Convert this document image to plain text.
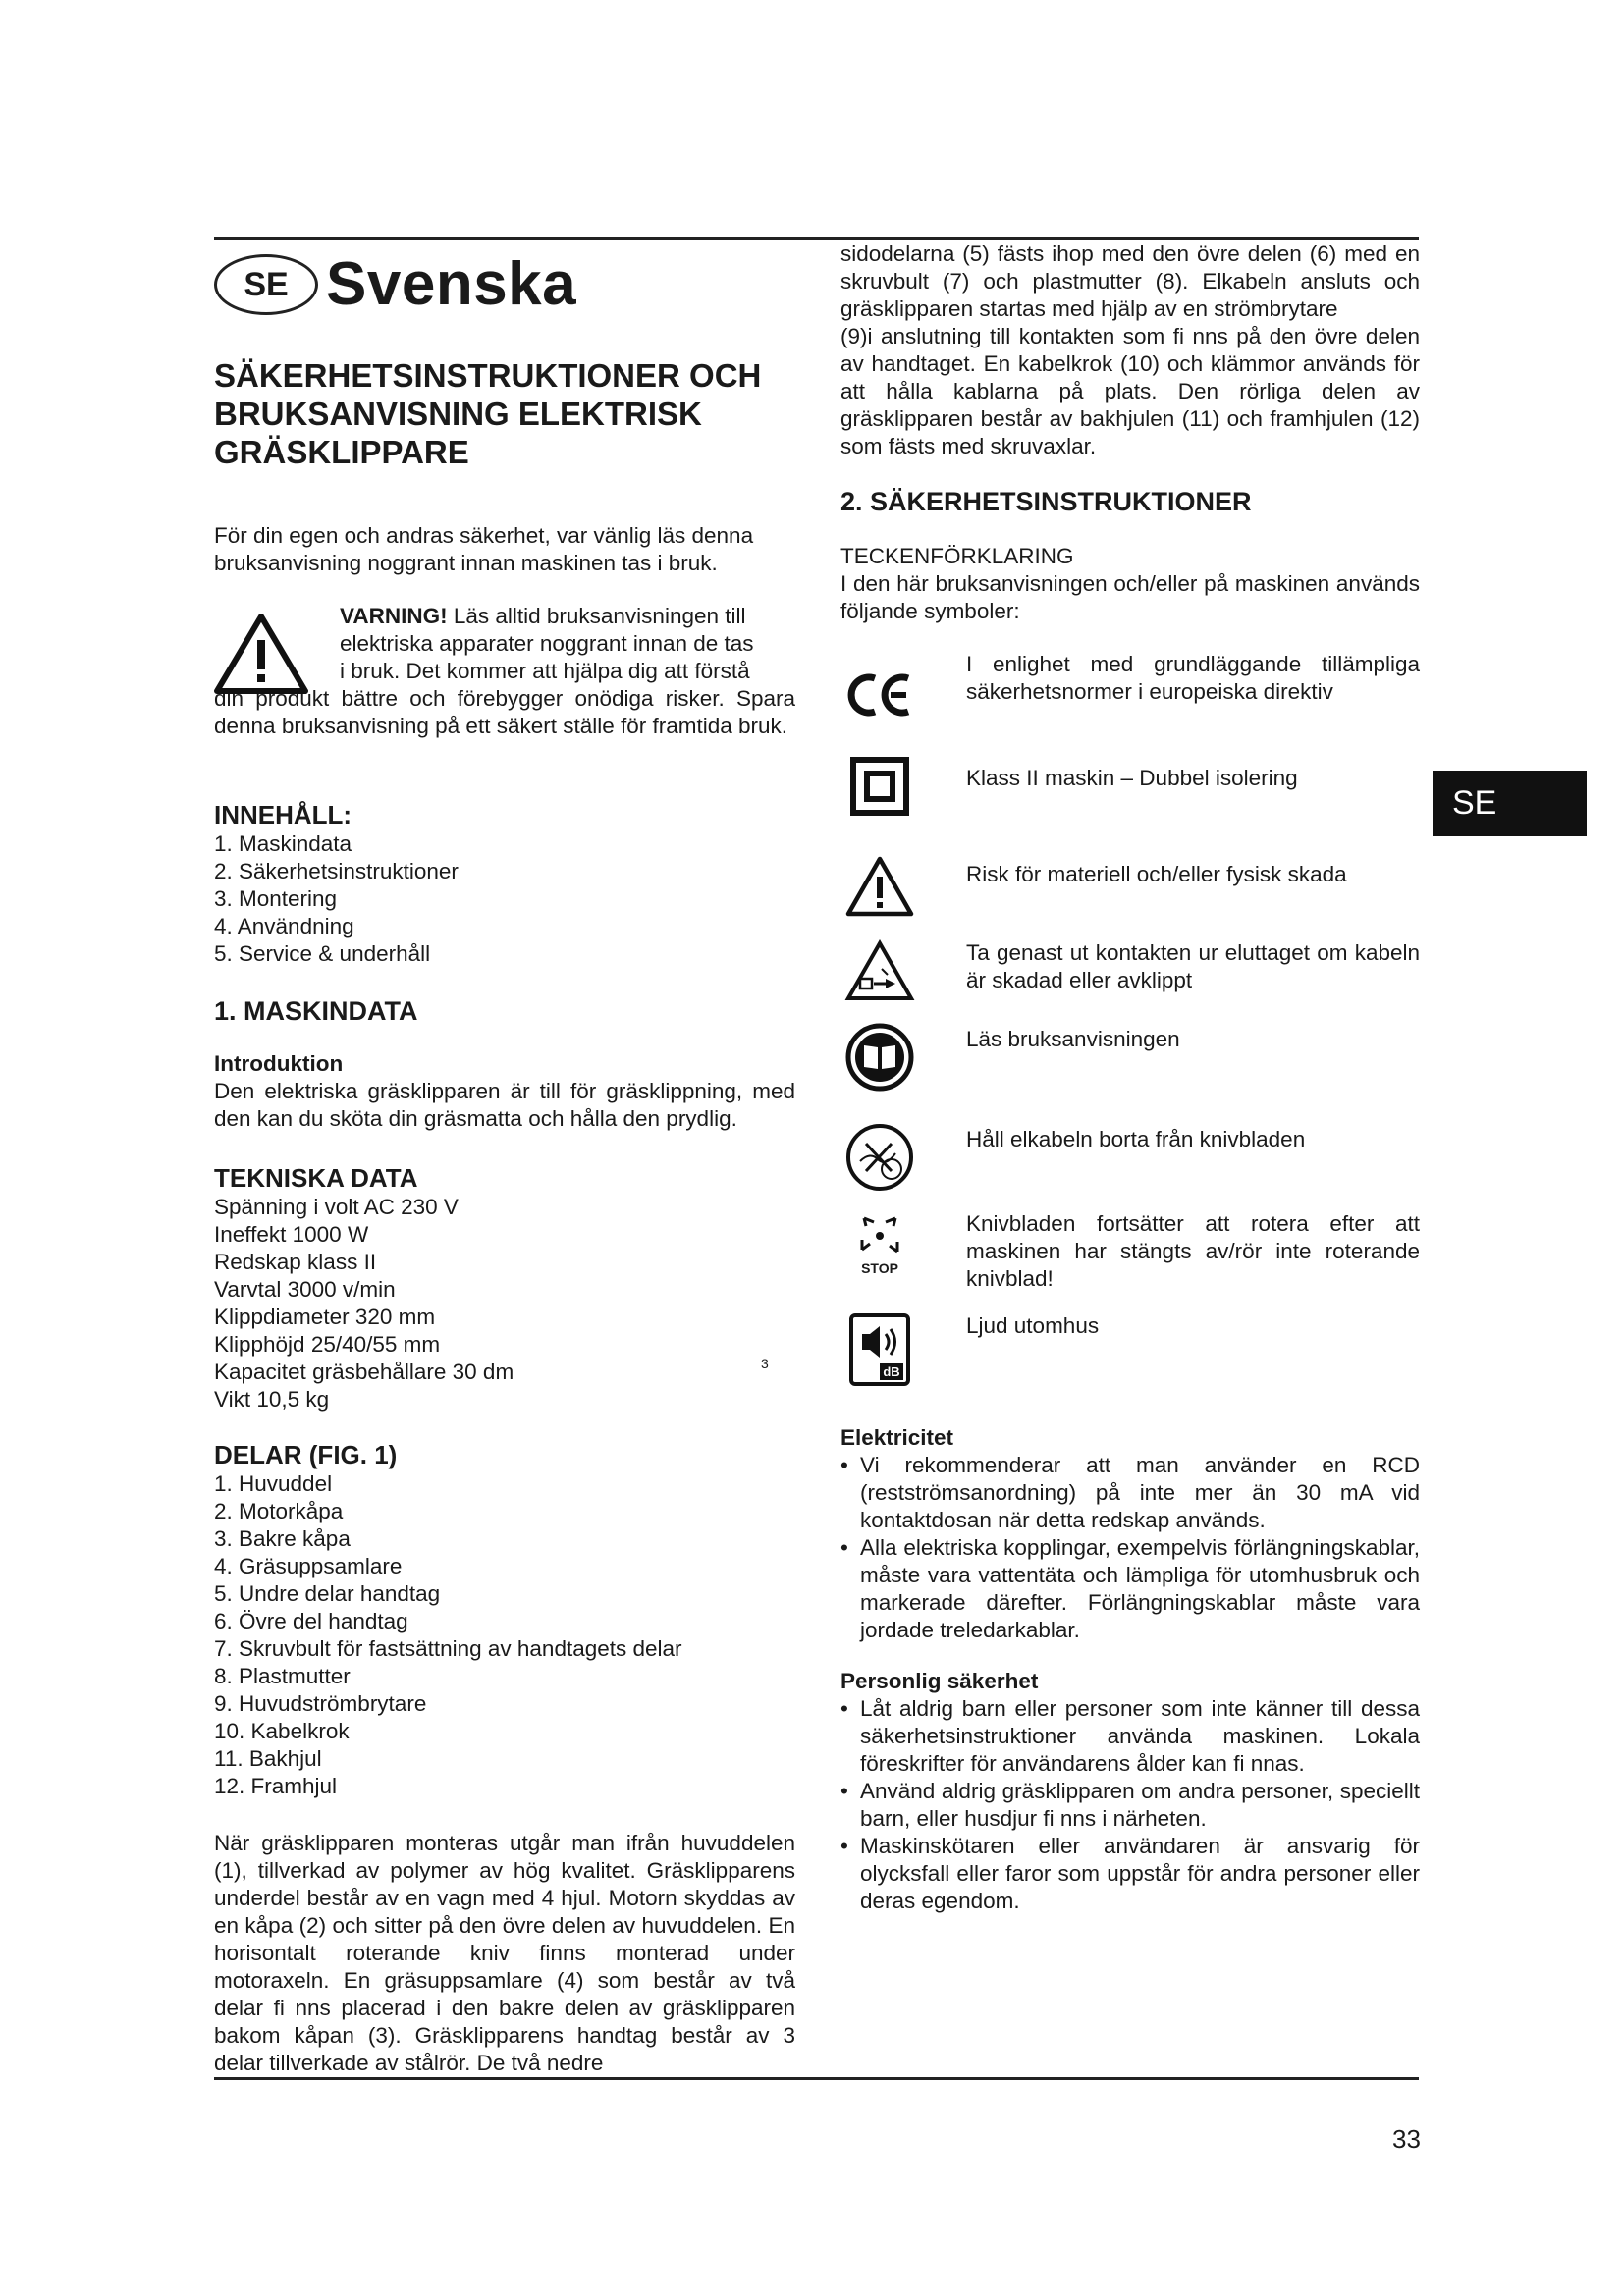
SE Svenska
SÄKERHETSINSTRUKTIONER OCH
BRUKSANVISNING ELEKTRISK
GRÄSKLIPPARE

För din egen och andras säkerhet, var vänlig läs denna bruksanvisning noggrant innan maskinen tas i bruk.

VARNING! Läs alltid bruksanvisningen till

elektriska apparater noggrant innan de tas

i bruk. Det kommer att hjälpa dig att förstå

din produkt bättre och förebygger onödiga risker. Spara denna bruksanvisning på ett säkert ställe för framtida bruk.

INNEHÅLL:
1. Maskindata
2. Säkerhetsinstruktioner
3. Montering
4. Användning
5. Service & underhåll
1. MASKINDATA
Introduktion

Den elektriska gräsklipparen är till för gräsklippning, med den kan du sköta din gräsmatta och hålla den prydlig.

TEKNISKA DATA
Spänning i volt AC 230 V
Ineffekt 1000 W
Redskap klass II
Varvtal 3000 v/min
Klippdiameter 320 mm
Klipphöjd 25/40/55 mm
Kapacitet gräsbehållare 30 dm
Vikt 10,5 kg
DELAR (FIG. 1)
1. Huvuddel
2. Motorkåpa
3. Bakre kåpa
4. Gräsuppsamlare
5. Undre delar handtag
6. Övre del handtag
7. Skruvbult för fastsättning av handtagets delar
8. Plastmutter
9. Huvudströmbrytare
10. Kabelkrok
11. Bakhjul
12. Framhjul

När gräsklipparen monteras utgår man ifrån huvuddelen (1), tillverkad av polymer av hög kvalitet. Gräsklipparens underdel består av en vagn med 4 hjul. Motorn skyddas av en kåpa (2) och sitter på den övre delen av huvuddelen. En horisontalt roterande kniv finns monterad under motoraxeln. En gräsuppsamlare (4) som består av två delar fi nns placerad i den bakre delen av gräsklipparen bakom kåpan (3). Gräsklipparens handtag består av 3 delar tillverkade av stålrör. De två nedre

3

sidodelarna (5) fästs ihop med den övre delen (6) med en skruvbult (7) och plastmutter (8). Elkabeln ansluts och gräsklipparen startas med hjälp av en strömbrytare

(9)i anslutning till kontakten som fi nns på den övre delen av handtaget. En kabelkrok (10) och klämmor används för att hålla kablarna på plats. Den rörliga delen av gräsklipparen består av bakhjulen (11) och framhjulen (12) som fästs med skruvaxlar.

2. SÄKERHETSINSTRUKTIONER

TECKENFÖRKLARING

I den här bruksanvisningen och/eller på maskinen används följande symboler:

I enlighet med grundläggande tillämpliga säkerhetsnormer i europeiska direktiv

Klass II maskin – Dubbel isolering

Risk för materiell och/eller fysisk skada

Ta genast ut kontakten ur eluttaget om kabeln är skadad eller avklippt

Läs bruksanvisningen

Håll elkabeln borta från knivbladen

STOP

Knivbladen fortsätter att rotera efter att maskinen har stängts av/rör inte roterande knivblad!

dB

Ljud utomhus

Elektricitet
• Vi rekommenderar att man använder en RCD (restströmsanordning) på inte mer än 30 mA vid kontaktdosan när detta redskap används.
• Alla elektriska kopplingar, exempelvis förlängningskablar, måste vara vattentäta och lämpliga för utomhusbruk och markerade därefter. Förlängningskablar måste vara jordade treledarkablar.
Personlig säkerhet
• Låt aldrig barn eller personer som inte känner till dessa säkerhetsinstruktioner använda maskinen. Lokala föreskrifter för användarens ålder kan fi nnas.
• Använd aldrig gräsklipparen om andra personer, speciellt barn, eller husdjur fi nns i närheten.
• Maskinskötaren eller användaren är ansvarig för olycksfall eller faror som uppstår för andra personer eller deras egendom.
SE
33
